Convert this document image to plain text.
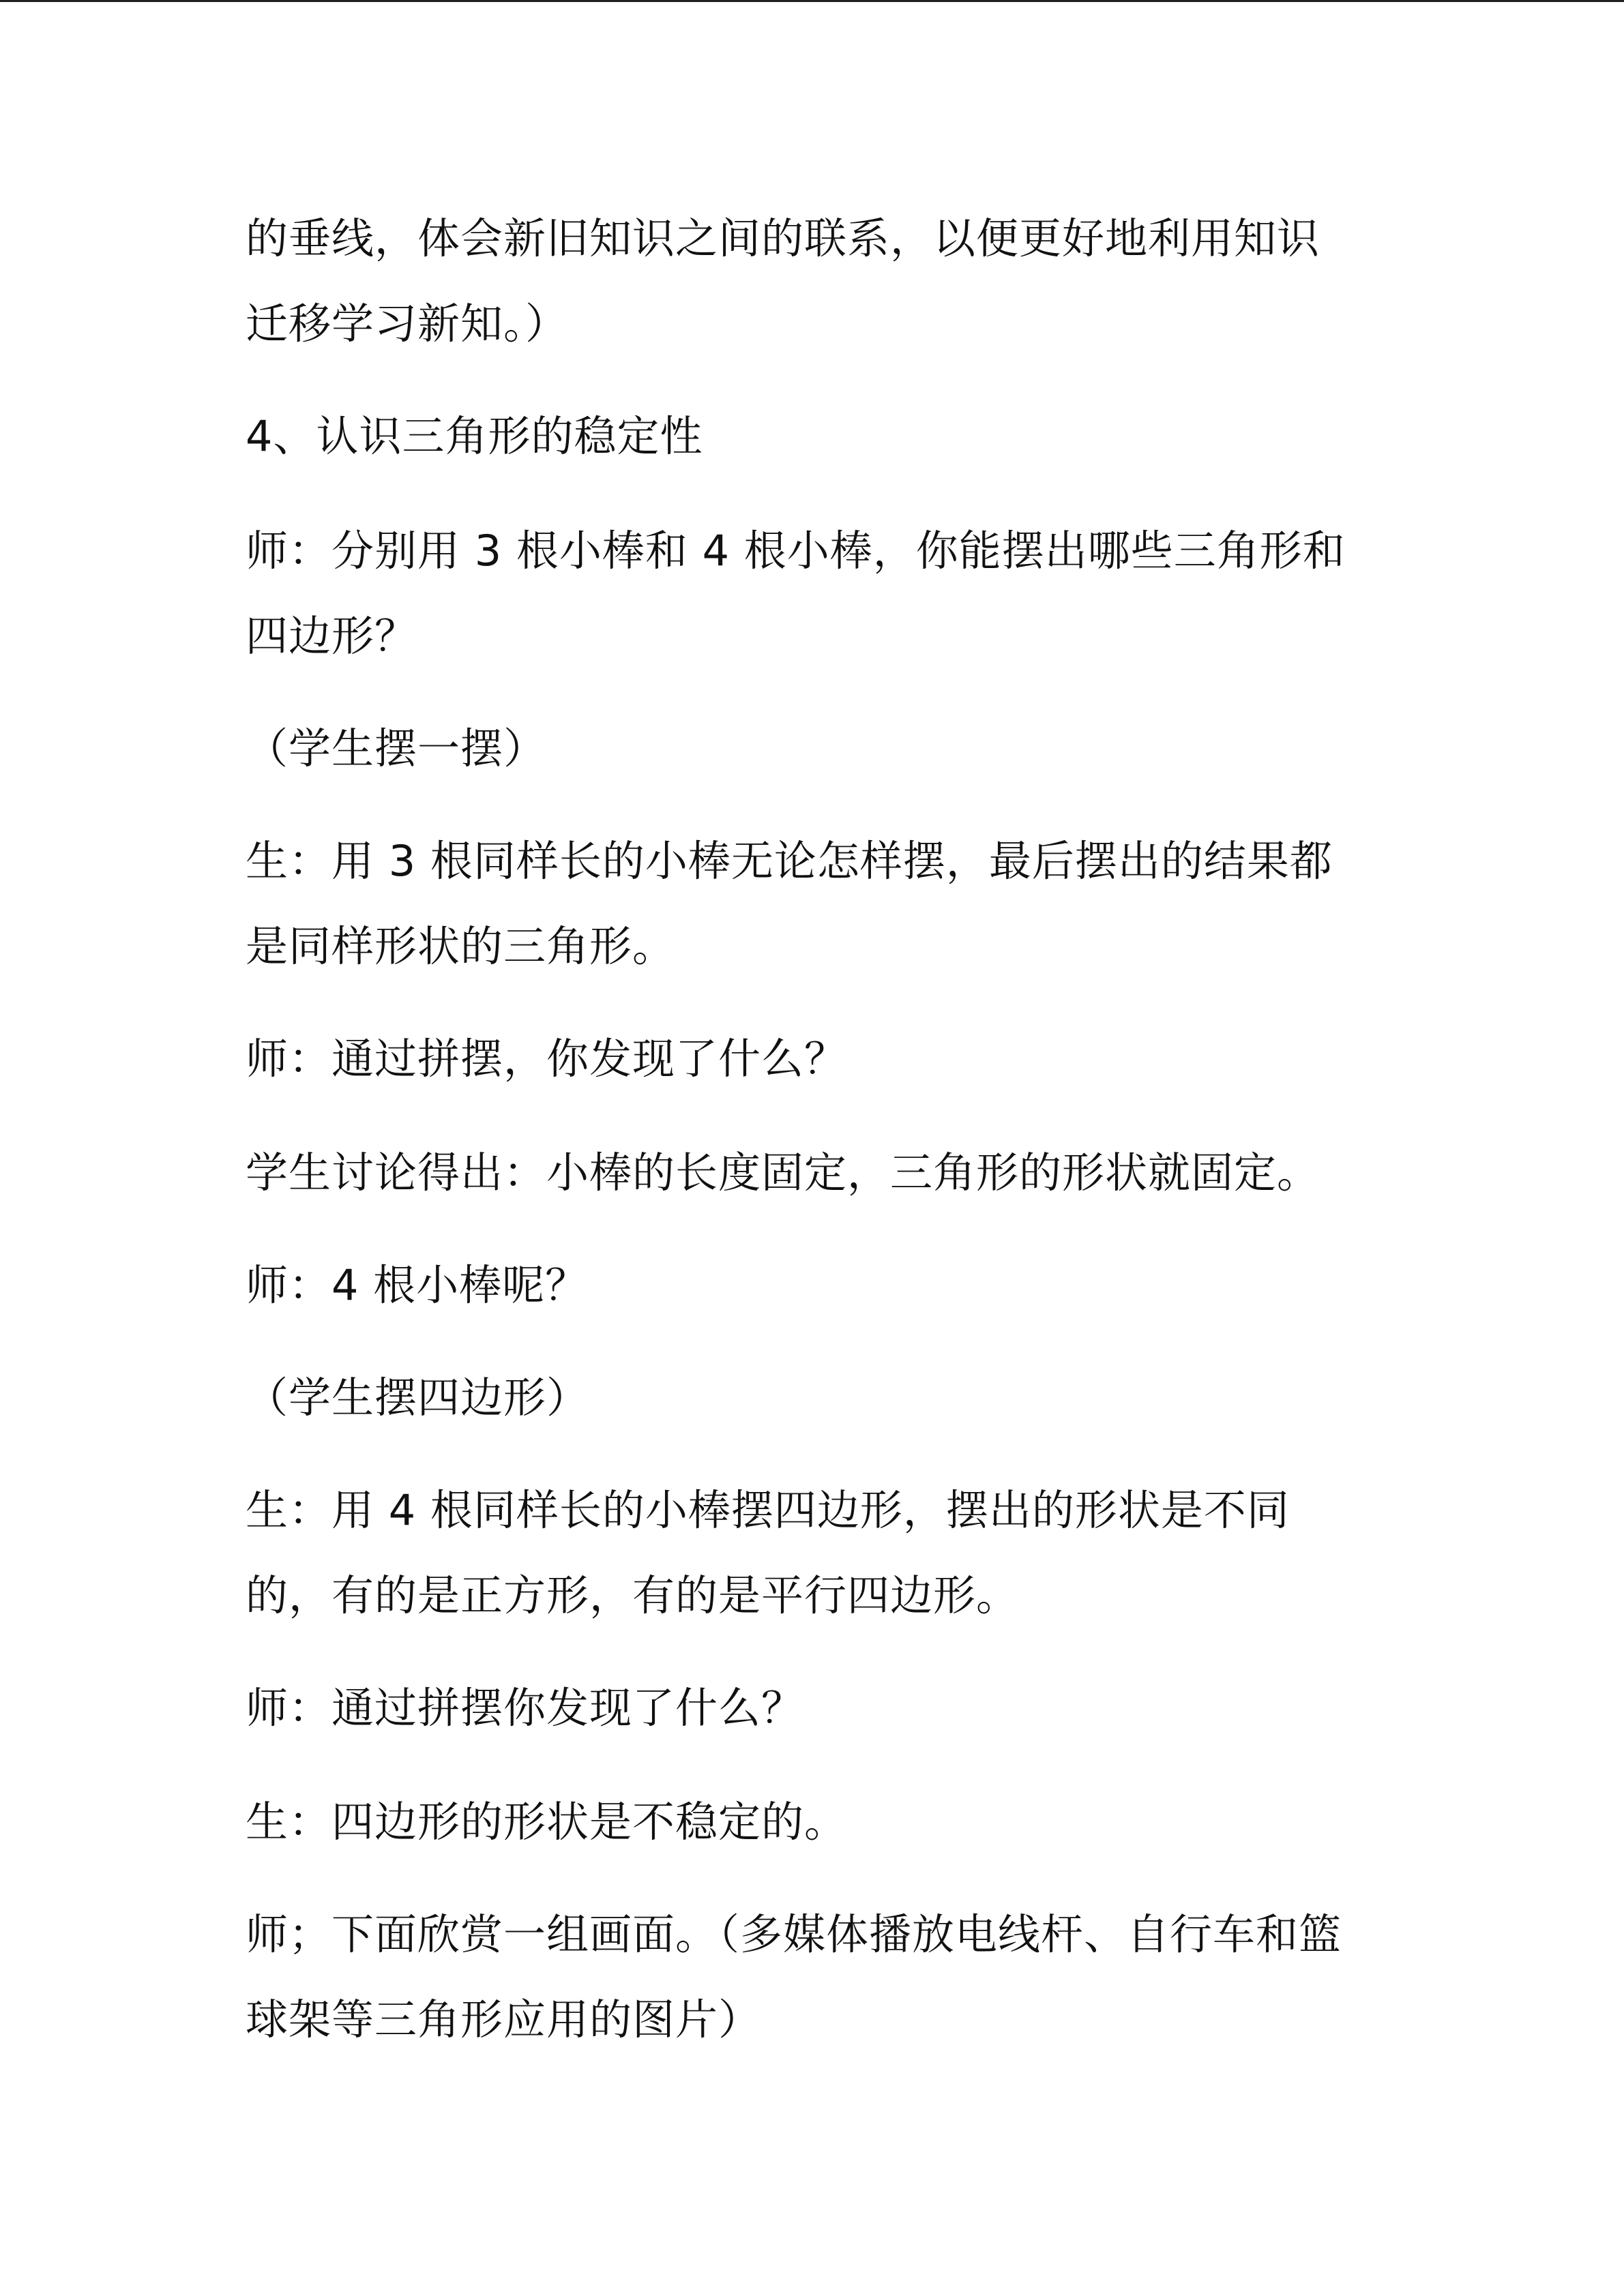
的垂线，体会新旧知识之间的联系，以便更好地利用知识
迁移学习新知。）
4、认识三角形的稳定性
师：分别用 3 根小棒和 4 根小棒，你能摆出哪些三角形和
四边形？
（学生摆一摆）
生：用 3 根同样长的小棒无论怎样摆，最后摆出的结果都
是同样形状的三角形。
师：通过拼摆，你发现了什么？
学生讨论得出：小棒的长度固定，三角形的形状就固定。
师：4 根小棒呢？
（学生摆四边形）
生：用 4 根同样长的小棒摆四边形，摆出的形状是不同
的，有的是正方形，有的是平行四边形。
师：通过拼摆你发现了什么？
生：四边形的形状是不稳定的。
师；下面欣赏一组画面。（多媒体播放电线杆、自行车和篮
球架等三角形应用的图片）
